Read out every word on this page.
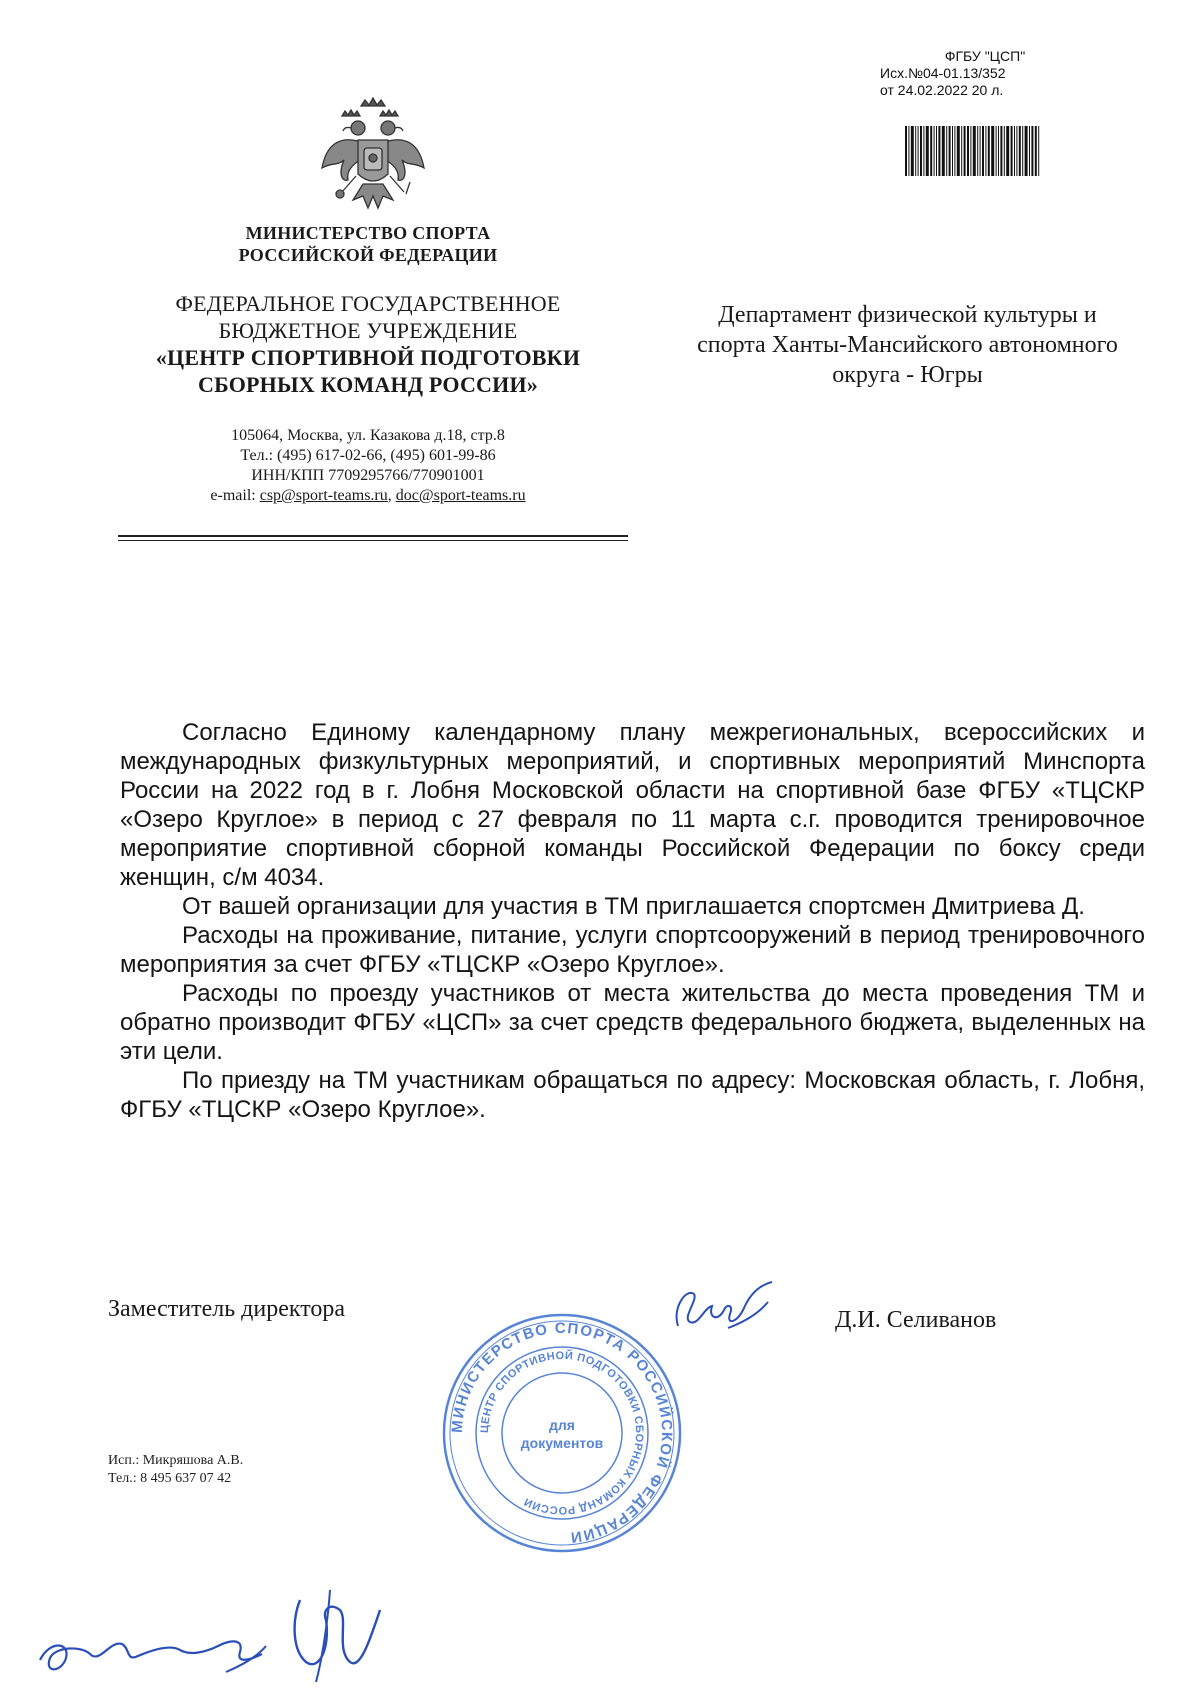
ФГБУ "ЦСП"
Исх.№04-01.13/352
от 24.02.2022 20 л.
МИНИСТЕРСТВО СПОРТА
РОССИЙСКОЙ ФЕДЕРАЦИИ
ФЕДЕРАЛЬНОЕ ГОСУДАРСТВЕННОЕ
БЮДЖЕТНОЕ УЧРЕЖДЕНИЕ
«ЦЕНТР СПОРТИВНОЙ ПОДГОТОВКИ
СБОРНЫХ КОМАНД РОССИИ»
105064, Москва, ул. Казакова д.18, стр.8
Тел.: (495) 617-02-66, (495) 601-99-86
ИНН/КПП 7709295766/770901001
e-mail: csp@sport-teams.ru, doc@sport-teams.ru
Департамент физической культуры и
спорта Ханты-Мансийского автономного
округа - Югры

Согласно Единому календарному плану межрегиональных, всероссийских и международных физкультурных мероприятий, и спортивных мероприятий Минспорта России на 2022 год в г. Лобня Московской области на спортивной базе ФГБУ «ТЦСКР «Озеро Круглое» в период с 27 февраля по 11 марта с.г. проводится тренировочное мероприятие спортивной сборной команды Российской Федерации по боксу среди женщин, с/м 4034.

От вашей организации для участия в ТМ приглашается спортсмен Дмитриева Д.

Расходы на проживание, питание, услуги спортсооружений в период тренировочного мероприятия за счет ФГБУ «ТЦСКР «Озеро Круглое».

Расходы по проезду участников от места жительства до места проведения ТМ и обратно производит ФГБУ «ЦСП» за счет средств федерального бюджета, выделенных на эти цели.

По приезду на ТМ участникам обращаться по адресу: Московская область, г. Лобня, ФГБУ «ТЦСКР «Озеро Круглое».

Заместитель директора	Д.И. Селиванов
МИНИСТЕРСТВО СПОРТА РОССИЙСКОЙ ФЕДЕРАЦИИ
ЦЕНТР СПОРТИВНОЙ ПОДГОТОВКИ СБОРНЫХ КОМАНД РОССИИ
для
документов
Исп.: Микряшова А.В.
Тел.: 8 495 637 07 42
